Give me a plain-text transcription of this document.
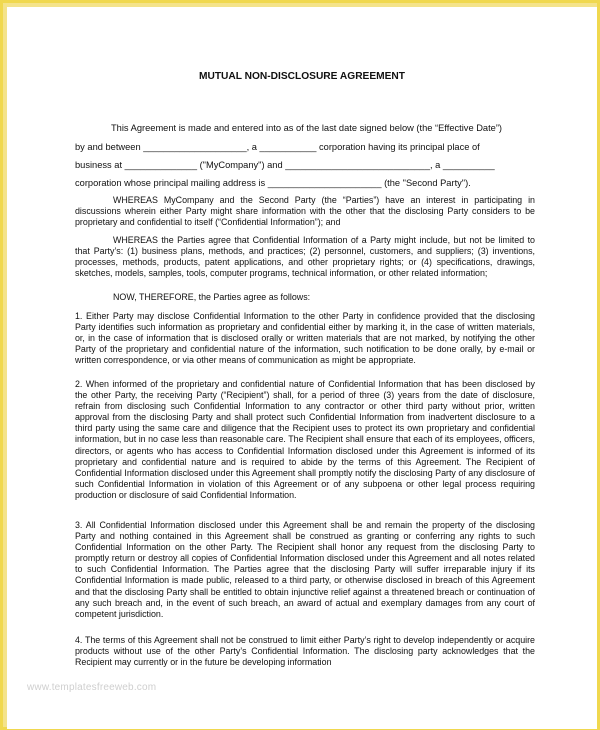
MUTUAL NON-DISCLOSURE AGREEMENT
This Agreement is made and entered into as of the last date signed below (the “Effective Date”)
by and between ____________________, a ___________ corporation having its principal place of
business at ______________ ("MyCompany") and ____________________________, a __________
corporation whose principal mailing address is ______________________ (the "Second Party").

WHEREAS MyCompany and the Second Party (the “Parties”) have an interest in participating in discussions wherein either Party might share information with the other that the disclosing Party considers to be proprietary and confidential to itself (“Confidential Information”); and

WHEREAS the Parties agree that Confidential Information of a Party might include, but not be limited to that Party’s: (1) business plans, methods, and practices; (2) personnel, customers, and suppliers; (3) inventions, processes, methods, products, patent applications, and other proprietary rights; or (4) specifications, drawings, sketches, models, samples, tools, computer programs, technical information, or other related information;

NOW, THEREFORE, the Parties agree as follows:

1. Either Party may disclose Confidential Information to the other Party in confidence provided that the disclosing Party identifies such information as proprietary and confidential either by marking it, in the case of written materials, or, in the case of information that is disclosed orally or written materials that are not marked, by notifying the other Party of the proprietary and confidential nature of the information, such notification to be done orally, by e-mail or written correspondence, or via other means of communication as might be appropriate.

2. When informed of the proprietary and confidential nature of Confidential Information that has been disclosed by the other Party, the receiving Party (“Recipient”) shall, for a period of three (3) years from the date of disclosure, refrain from disclosing such Confidential Information to any contractor or other third party without prior, written approval from the disclosing Party and shall protect such Confidential Information from inadvertent disclosure to a third party using the same care and diligence that the Recipient uses to protect its own proprietary and confidential information, but in no case less than reasonable care. The Recipient shall ensure that each of its employees, officers, directors, or agents who has access to Confidential Information disclosed under this Agreement is informed of its proprietary and confidential nature and is required to abide by the terms of this Agreement. The Recipient of Confidential Information disclosed under this Agreement shall promptly notify the disclosing Party of any disclosure of such Confidential Information in violation of this Agreement or of any subpoena or other legal process requiring production or disclosure of said Confidential Information.

3. All Confidential Information disclosed under this Agreement shall be and remain the property of the disclosing Party and nothing contained in this Agreement shall be construed as granting or conferring any rights to such Confidential Information on the other Party. The Recipient shall honor any request from the disclosing Party to promptly return or destroy all copies of Confidential Information disclosed under this Agreement and all notes related to such Confidential Information. The Parties agree that the disclosing Party will suffer irreparable injury if its Confidential Information is made public, released to a third party, or otherwise disclosed in breach of this Agreement and that the disclosing Party shall be entitled to obtain injunctive relief against a threatened breach or continuation of any such breach and, in the event of such breach, an award of actual and exemplary damages from any court of competent jurisdiction.

4. The terms of this Agreement shall not be construed to limit either Party’s right to develop independently or acquire products without use of the other Party’s Confidential Information. The disclosing party acknowledges that the Recipient may currently or in the future be developing information

www.templatesfreeweb.com
